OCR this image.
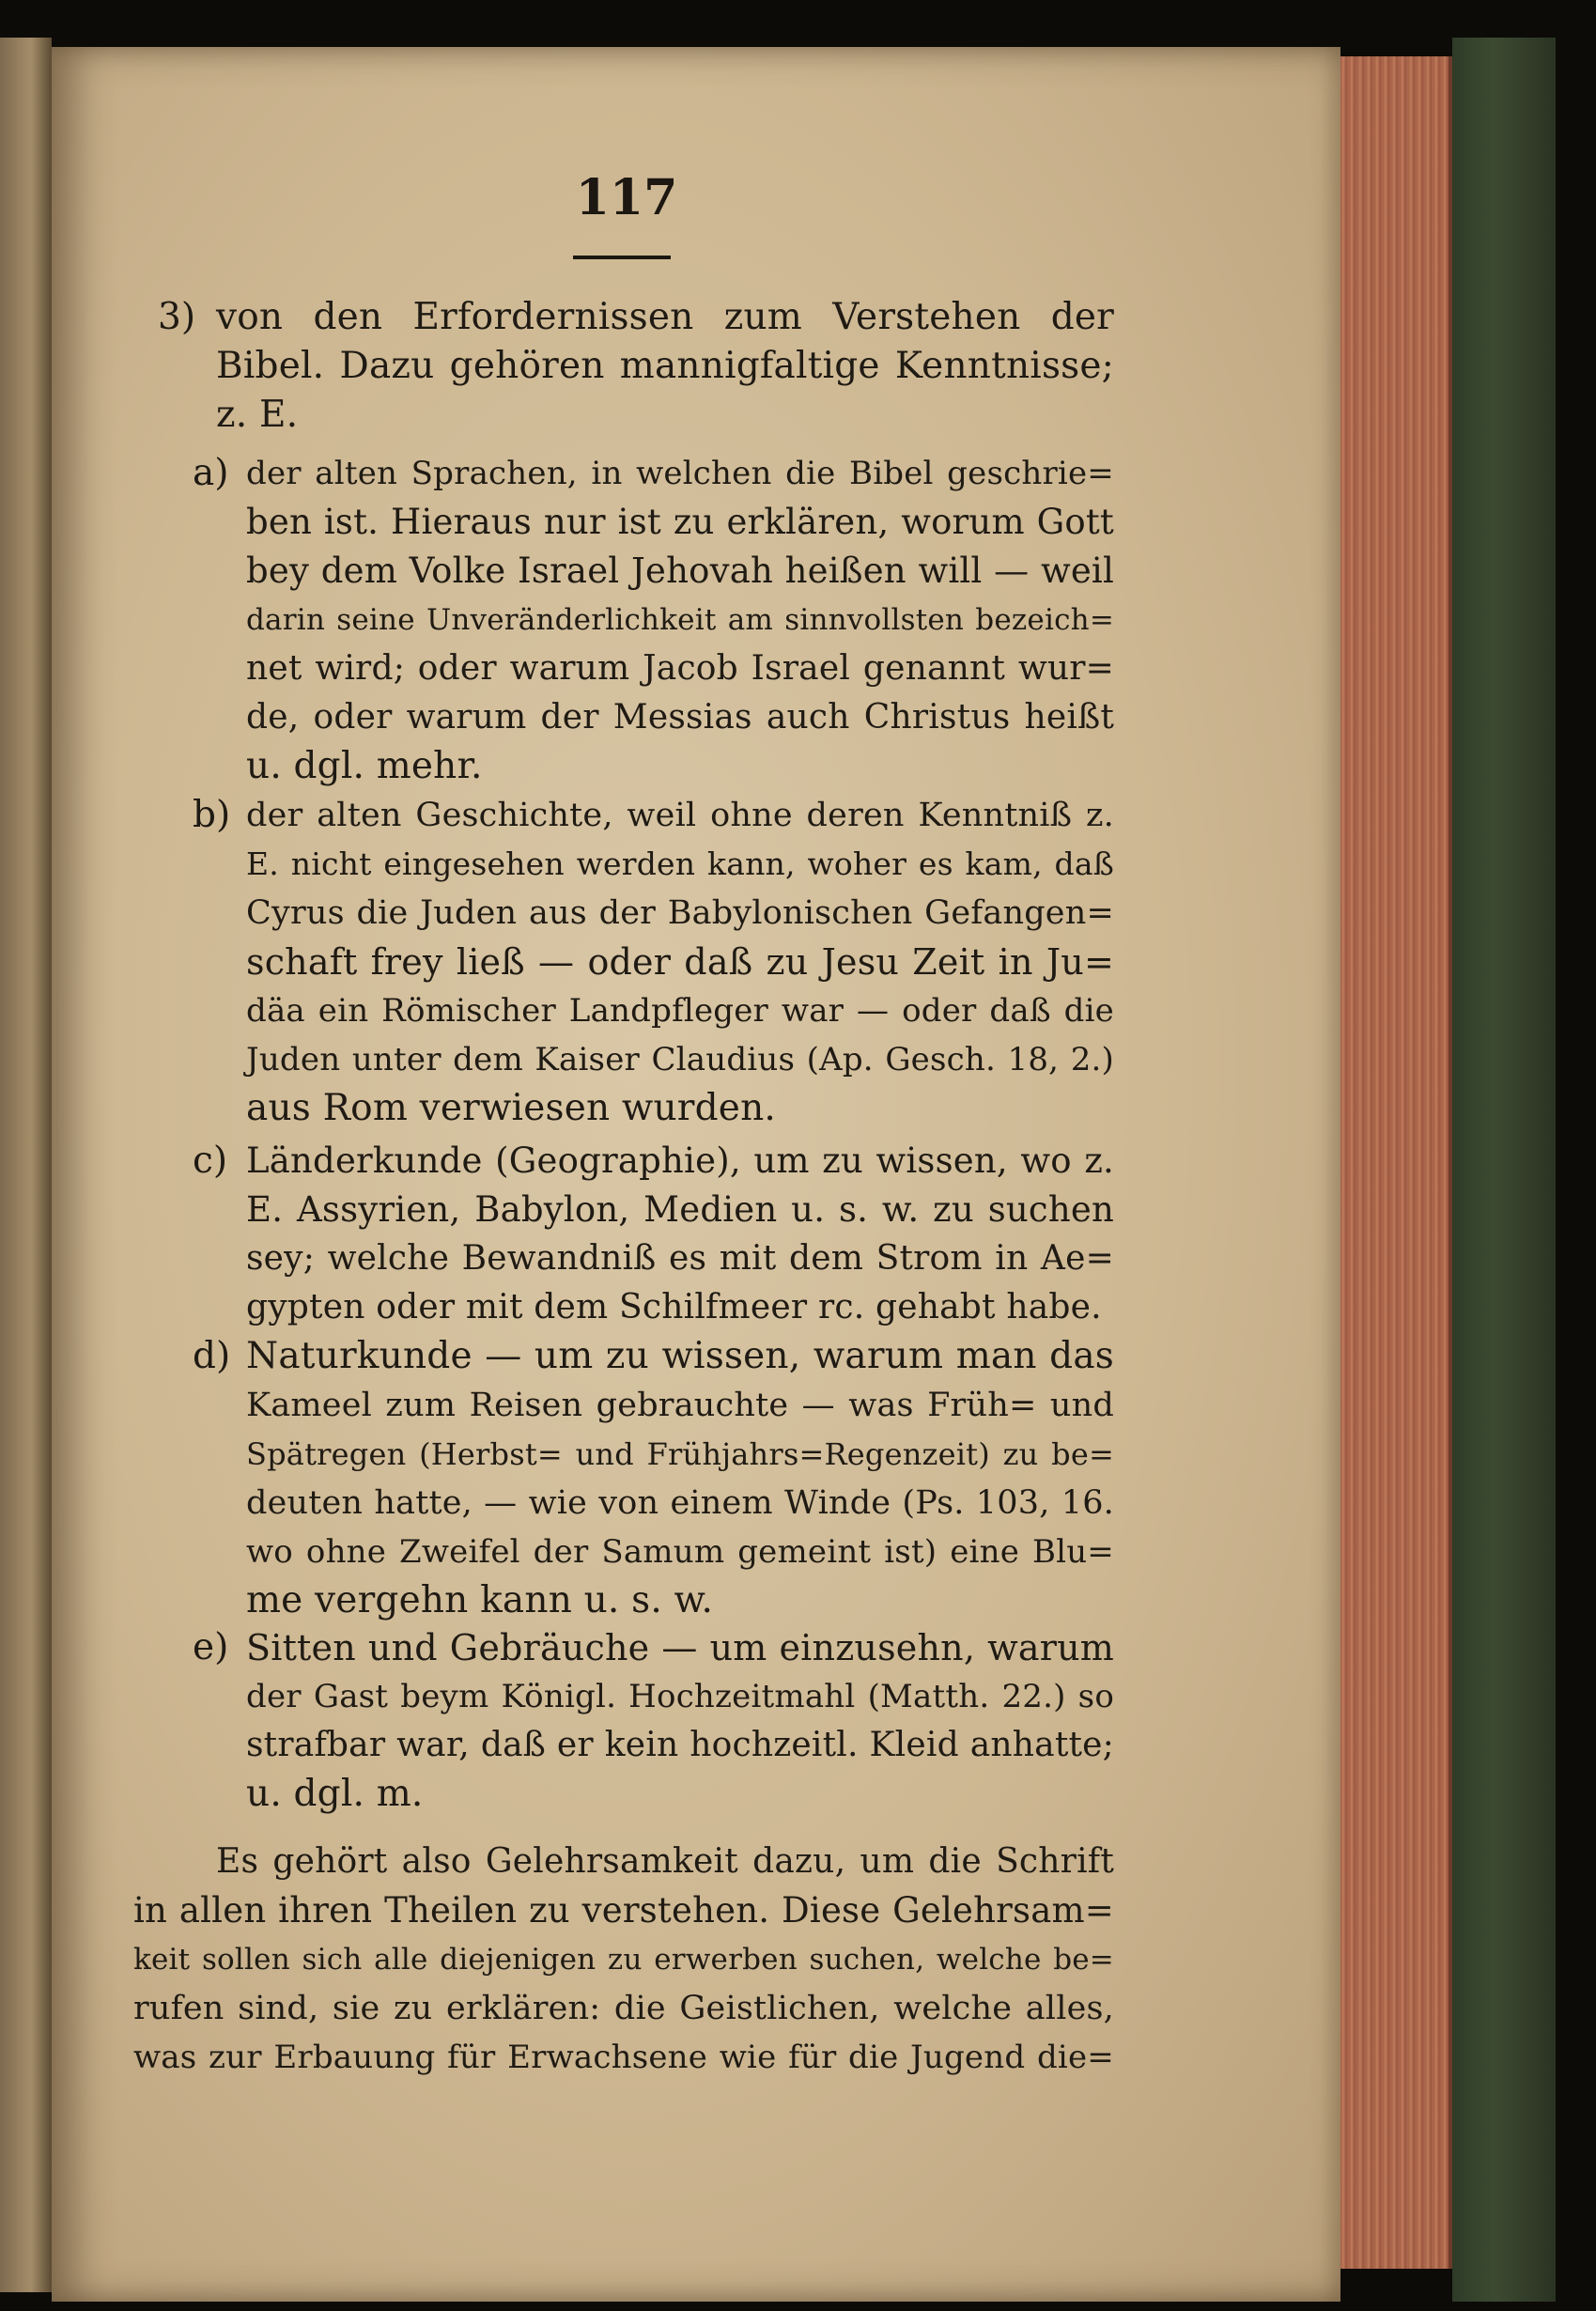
117
3) von den Erfordernissen zum Verstehen der
Bibel. Dazu gehören mannigfaltige Kenntnisse;
z. E.
a) der alten Sprachen, in welchen die Bibel geschrie=
ben ist. Hieraus nur ist zu erklären, worum Gott
bey dem Volke Israel Jehovah heißen will — weil
darin seine Unveränderlichkeit am sinnvollsten bezeich=
net wird; oder warum Jacob Israel genannt wur=
de, oder warum der Messias auch Christus heißt
u. dgl. mehr.
b) der alten Geschichte, weil ohne deren Kenntniß z.
E. nicht eingesehen werden kann, woher es kam, daß
Cyrus die Juden aus der Babylonischen Gefangen=
schaft frey ließ — oder daß zu Jesu Zeit in Ju=
däa ein Römischer Landpfleger war — oder daß die
Juden unter dem Kaiser Claudius (Ap. Gesch. 18, 2.)
aus Rom verwiesen wurden.
c) Länderkunde (Geographie), um zu wissen, wo z.
E. Assyrien, Babylon, Medien u. s. w. zu suchen
sey; welche Bewandniß es mit dem Strom in Ae=
gypten oder mit dem Schilfmeer rc. gehabt habe.
d) Naturkunde — um zu wissen, warum man das
Kameel zum Reisen gebrauchte — was Früh= und
Spätregen (Herbst= und Frühjahrs=Regenzeit) zu be=
deuten hatte, — wie von einem Winde (Ps. 103, 16.
wo ohne Zweifel der Samum gemeint ist) eine Blu=
me vergehn kann u. s. w.
e) Sitten und Gebräuche — um einzusehn, warum
der Gast beym Königl. Hochzeitmahl (Matth. 22.) so
strafbar war, daß er kein hochzeitl. Kleid anhatte;
u. dgl. m.
Es gehört also Gelehrsamkeit dazu, um die Schrift
in allen ihren Theilen zu verstehen. Diese Gelehrsam=
keit sollen sich alle diejenigen zu erwerben suchen, welche be=
rufen sind, sie zu erklären: die Geistlichen, welche alles,
was zur Erbauung für Erwachsene wie für die Jugend die=
